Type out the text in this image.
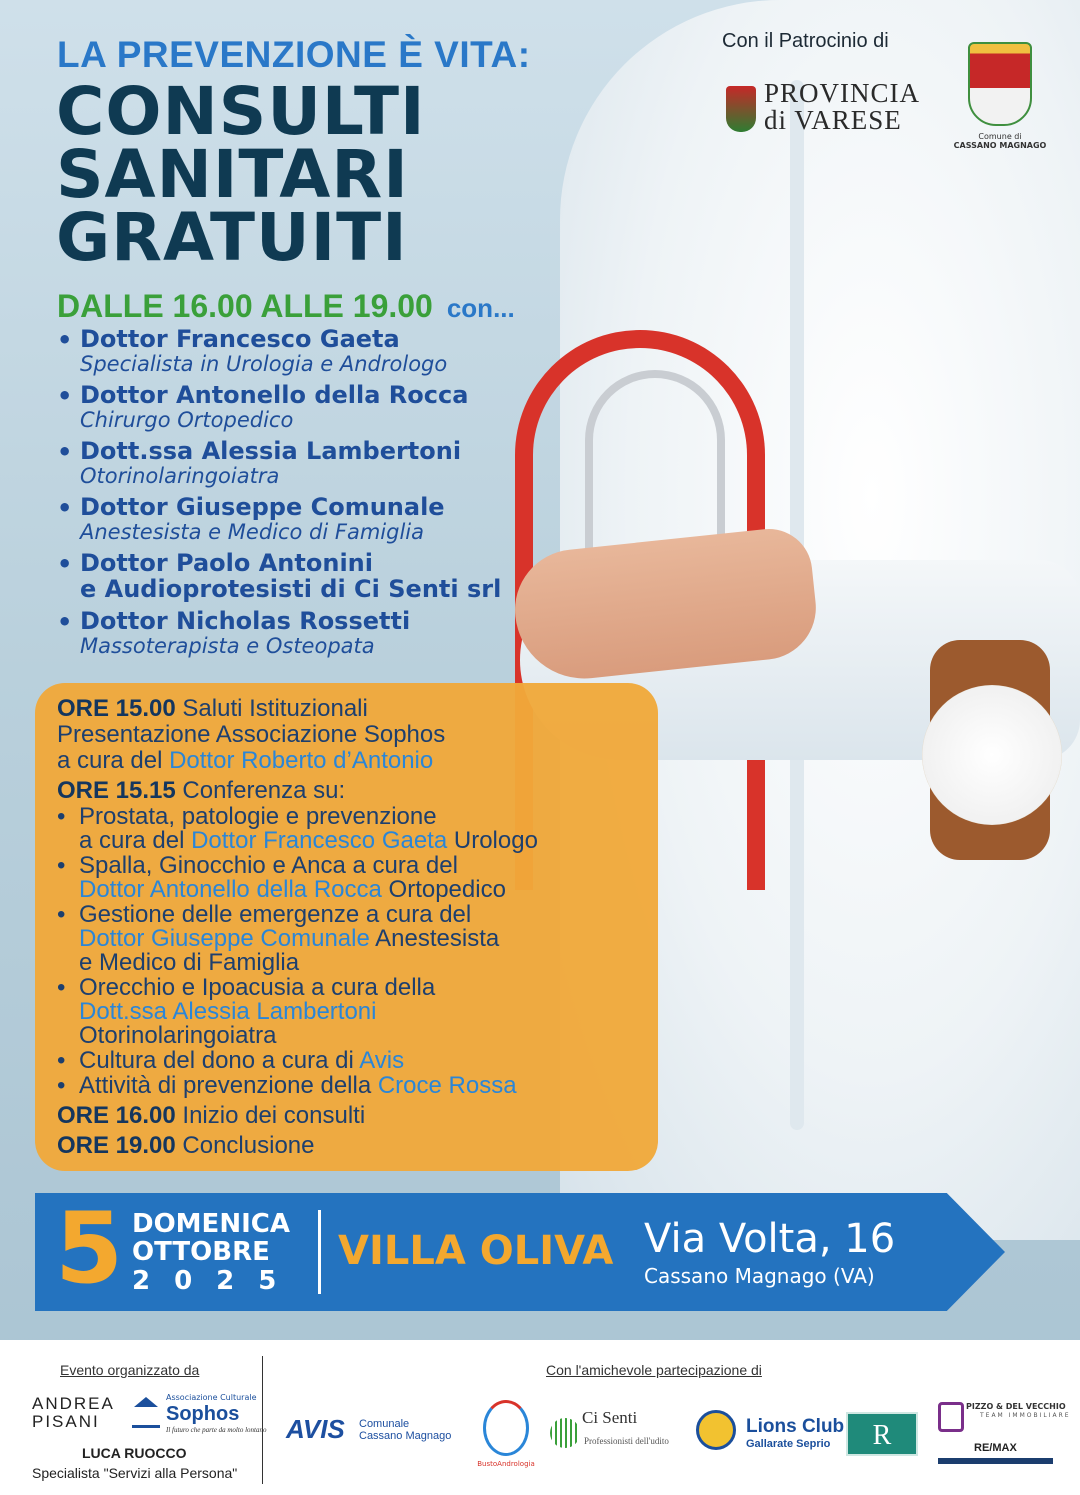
LA PREVENZIONE È VITA:
CONSULTI
SANITARI
GRATUITI
DALLE 16.00 ALLE 19.00 con...
Con il Patrocinio di
PROVINCIA
di VARESE
Comune di
CASSANO MAGNAGO
• Dottor Francesco Gaeta
Specialista in Urologia e Andrologo
• Dottor Antonello della Rocca
Chirurgo Ortopedico
• Dott.ssa Alessia Lambertoni
Otorinolaringoiatra
• Dottor Giuseppe Comunale
Anestesista e Medico di Famiglia
• Dottor Paolo Antonini
e Audioprotesisti di Ci Senti srl
• Dottor Nicholas Rossetti
Massoterapista e Osteopata
ORE 15.00 Saluti Istituzionali
Presentazione Associazione Sophos
a cura del Dottor Roberto d’Antonio
ORE 15.15 Conferenza su:
• Prostata, patologie e prevenzione
a cura del Dottor Francesco Gaeta Urologo
• Spalla, Ginocchio e Anca a cura del
Dottor Antonello della Rocca Ortopedico
• Gestione delle emergenze a cura del
Dottor Giuseppe Comunale Anestesista
e Medico di Famiglia
• Orecchio e Ipoacusia a cura della
Dott.ssa Alessia Lambertoni
Otorinolaringoiatra
• Cultura del dono a cura di Avis
• Attività di prevenzione della Croce Rossa
ORE 16.00 Inizio dei consulti
ORE 19.00 Conclusione
5 DOMENICA
OTTOBRE
2025
VILLA OLIVA Via Volta, 16
Cassano Magnago (VA)
Evento organizzato da	Con l'amichevole partecipazione di
ANDREA
PISANI
Associazione Culturale
Sophos
Il futuro che parte da molto lontano
LUCA RUOCCO
Specialista "Servizi alla Persona"
AVIS Comunale
Cassano Magnago
BustoAndrologia
Ci Senti
Professionisti dell'udito
Lions Club
Gallarate Seprio	R
PIZZO & DEL VECCHIO
TEAM IMMOBILIARE
RE/MAX
